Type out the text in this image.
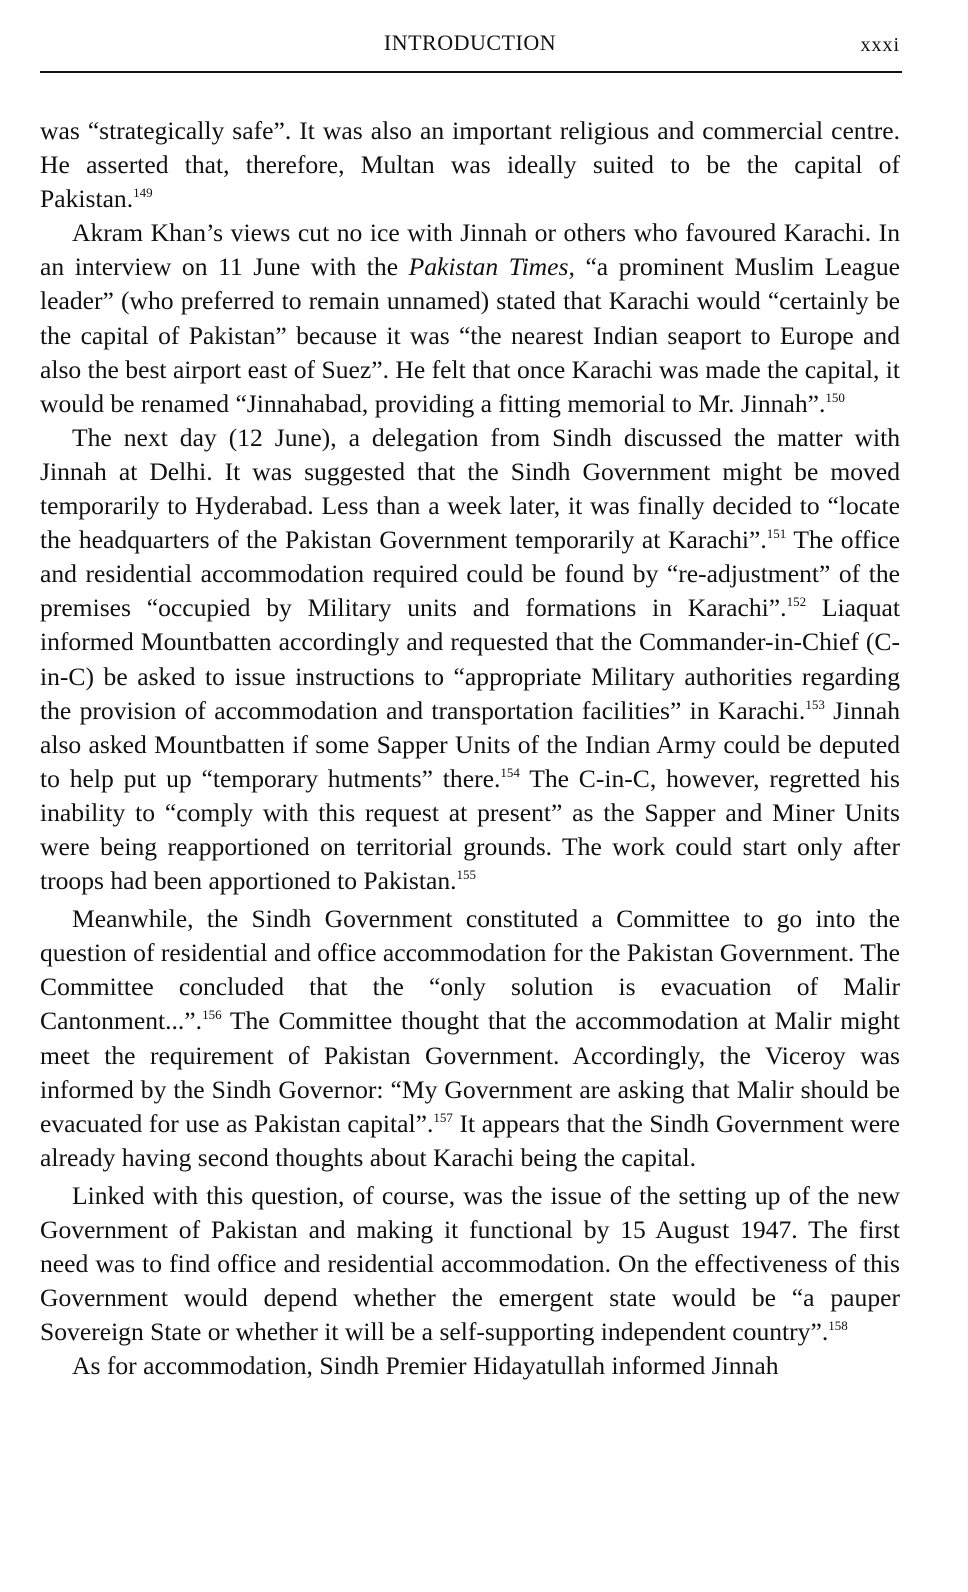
INTRODUCTION	xxxi

was “strategically safe”. It was also an important religious and commercial centre. He asserted that, therefore, Multan was ideally suited to be the capital of Pakistan.$^{149}$

Akram Khan’s views cut no ice with Jinnah or others who favoured Karachi. In an interview on 11 June with the Pakistan Times, “a prominent Muslim League leader” (who preferred to remain unnamed) stated that Karachi would “certainly be the capital of Pakistan” because it was “the nearest Indian seaport to Europe and also the best airport east of Suez”. He felt that once Karachi was made the capital, it would be renamed “Jinnahabad, providing a fitting memorial to Mr. Jinnah”.$^{150}$

The next day (12 June), a delegation from Sindh discussed the matter with Jinnah at Delhi. It was suggested that the Sindh Government might be moved temporarily to Hyderabad. Less than a week later, it was finally decided to “locate the headquarters of the Pakistan Government temporarily at Karachi”.$^{151}$ The office and residential accommodation required could be found by “re-adjustment” of the premises “occupied by Military units and formations in Karachi”.$^{152}$ Liaquat informed Mountbatten accordingly and requested that the Commander-in-Chief (C-in-C) be asked to issue instructions to “appropriate Military authorities regarding the provision of accommodation and transportation facilities” in Karachi.$^{153}$ Jinnah also asked Mountbatten if some Sapper Units of the Indian Army could be deputed to help put up “temporary hutments” there.$^{154}$ The C-in-C, however, regretted his inability to “comply with this request at present” as the Sapper and Miner Units were being reapportioned on territorial grounds. The work could start only after troops had been apportioned to Pakistan.$^{155}$

Meanwhile, the Sindh Government constituted a Committee to go into the question of residential and office accommodation for the Pakistan Government. The Committee concluded that the “only solution is evacuation of Malir Cantonment...”.$^{156}$ The Committee thought that the accommodation at Malir might meet the requirement of Pakistan Government. Accordingly, the Viceroy was informed by the Sindh Governor: “My Government are asking that Malir should be evacuated for use as Pakistan capital”.$^{157}$ It appears that the Sindh Government were already having second thoughts about Karachi being the capital.

Linked with this question, of course, was the issue of the setting up of the new Government of Pakistan and making it functional by 15 August 1947. The first need was to find office and residential accommodation. On the effectiveness of this Government would depend whether the emergent state would be “a pauper Sovereign State or whether it will be a self-supporting independent country”.$^{158}$

As for accommodation, Sindh Premier Hidayatullah informed Jinnah
